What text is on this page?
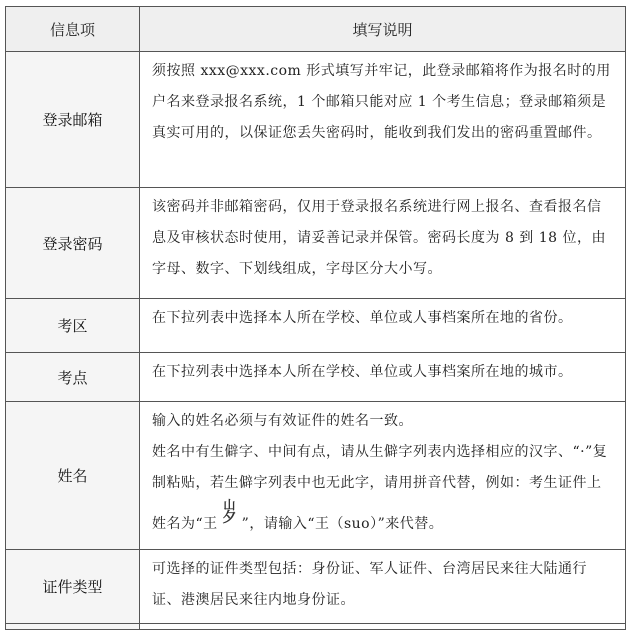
信息项	填写说明
登录邮箱	须按照 xxx@xxx.com 形式填写并牢记，此登录邮箱将作为报名时的用户名来登录报名系统，1 个邮箱只能对应 1 个考生信息；登录邮箱须是真实可用的，以保证您丢失密码时，能收到我们发出的密码重置邮件。

登录密码	该密码并非邮箱密码，仅用于登录报名系统进行网上报名、查看报名信息及审核状态时使用，请妥善记录并保管。密码长度为 8 到 18 位，由字母、数字、下划线组成，字母区分大小写。

考区	在下拉列表中选择本人所在学校、单位或人事档案所在地的省份。

考点	在下拉列表中选择本人所在学校、单位或人事档案所在地的城市。

姓名	输入的姓名必须与有效证件的姓名一致。

姓名中有生僻字、中间有点，请从生僻字列表内选择相应的汉字、“·”复制粘贴，若生僻字列表中也无此字，请用拼音代替，例如：考生证件上姓名为“王
山
夕 ”，请输入“王（suo）”来代替。

证件类型	可选择的证件类型包括：身份证、军人证件、台湾居民来往大陆通行证、港澳居民来往内地身份证。
